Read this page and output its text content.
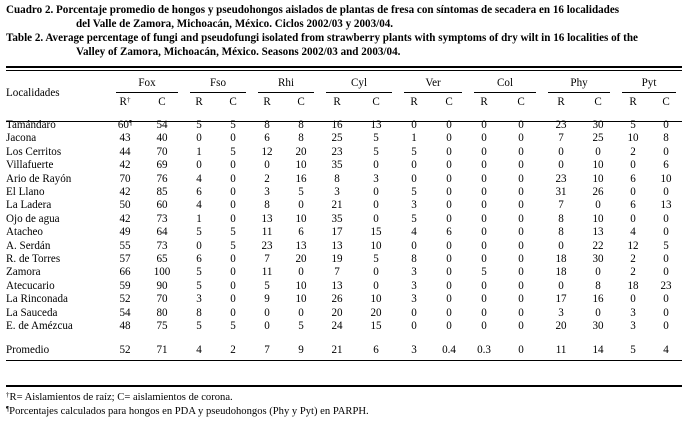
Cuadro 2. Porcentaje promedio de hongos y pseudohongos aislados de plantas de fresa con síntomas de secadera en 16 localidades
del Valle de Zamora, Michoacán, México. Ciclos 2002/03 y 2003/04.
Table 2. Average percentage of fungi and pseudofungi isolated from strawberry plants with symptoms of dry wilt in 16 localities of the
Valley of Zamora, Michoacán, México. Seasons 2002/03 and 2003/04.
Localidades	Fox		Fso		Rhi		Cyl		Ver		Col		Phy		Pyt	

	R†	C	R	C	R	C	R	C	R	C	R	C	R	C	R	C

Tamándaro	60¶	54	5	5	8	8	16	13	0	0	0	0	23	30	5	0
Jacona	43	40	0	0	6	8	25	5	1	0	0	0	7	25	10	8
Los Cerritos	44	70	1	5	12	20	23	5	5	0	0	0	0	0	2	0
Villafuerte	42	69	0	0	0	10	35	0	0	0	0	0	0	10	0	6
Ario de Rayón	70	76	4	0	2	16	8	3	0	0	0	0	23	10	6	10
El Llano	42	85	6	0	3	5	3	0	5	0	0	0	31	26	0	0
La Ladera	50	60	4	0	8	0	21	0	3	0	0	0	7	0	6	13
Ojo de agua	42	73	1	0	13	10	35	0	5	0	0	0	8	10	0	0
Atacheo	49	64	5	5	11	6	17	15	4	6	0	0	8	13	4	0
A. Serdán	55	73	0	5	23	13	13	10	0	0	0	0	0	22	12	5
R. de Torres	57	65	6	0	7	20	19	5	8	0	0	0	18	30	2	0
Zamora	66	100	5	0	11	0	7	0	3	0	5	0	18	0	2	0
Atecucario	59	90	5	0	5	10	13	0	3	0	0	0	0	8	18	23
La Rinconada	52	70	3	0	9	10	26	10	3	0	0	0	17	16	0	0
La Sauceda	54	80	8	0	0	0	20	20	0	0	0	0	3	0	3	0
E. de Amézcua	48	75	5	5	0	5	24	15	0	0	0	0	20	30	3	0

Promedio	52	71	4	2	7	9	21	6	3	0.4	0.3	0	11	14	5	4
†R= Aislamientos de raíz; C= aislamientos de corona.
¶Porcentajes calculados para hongos en PDA y pseudohongos (Phy y Pyt) en PARPH.
